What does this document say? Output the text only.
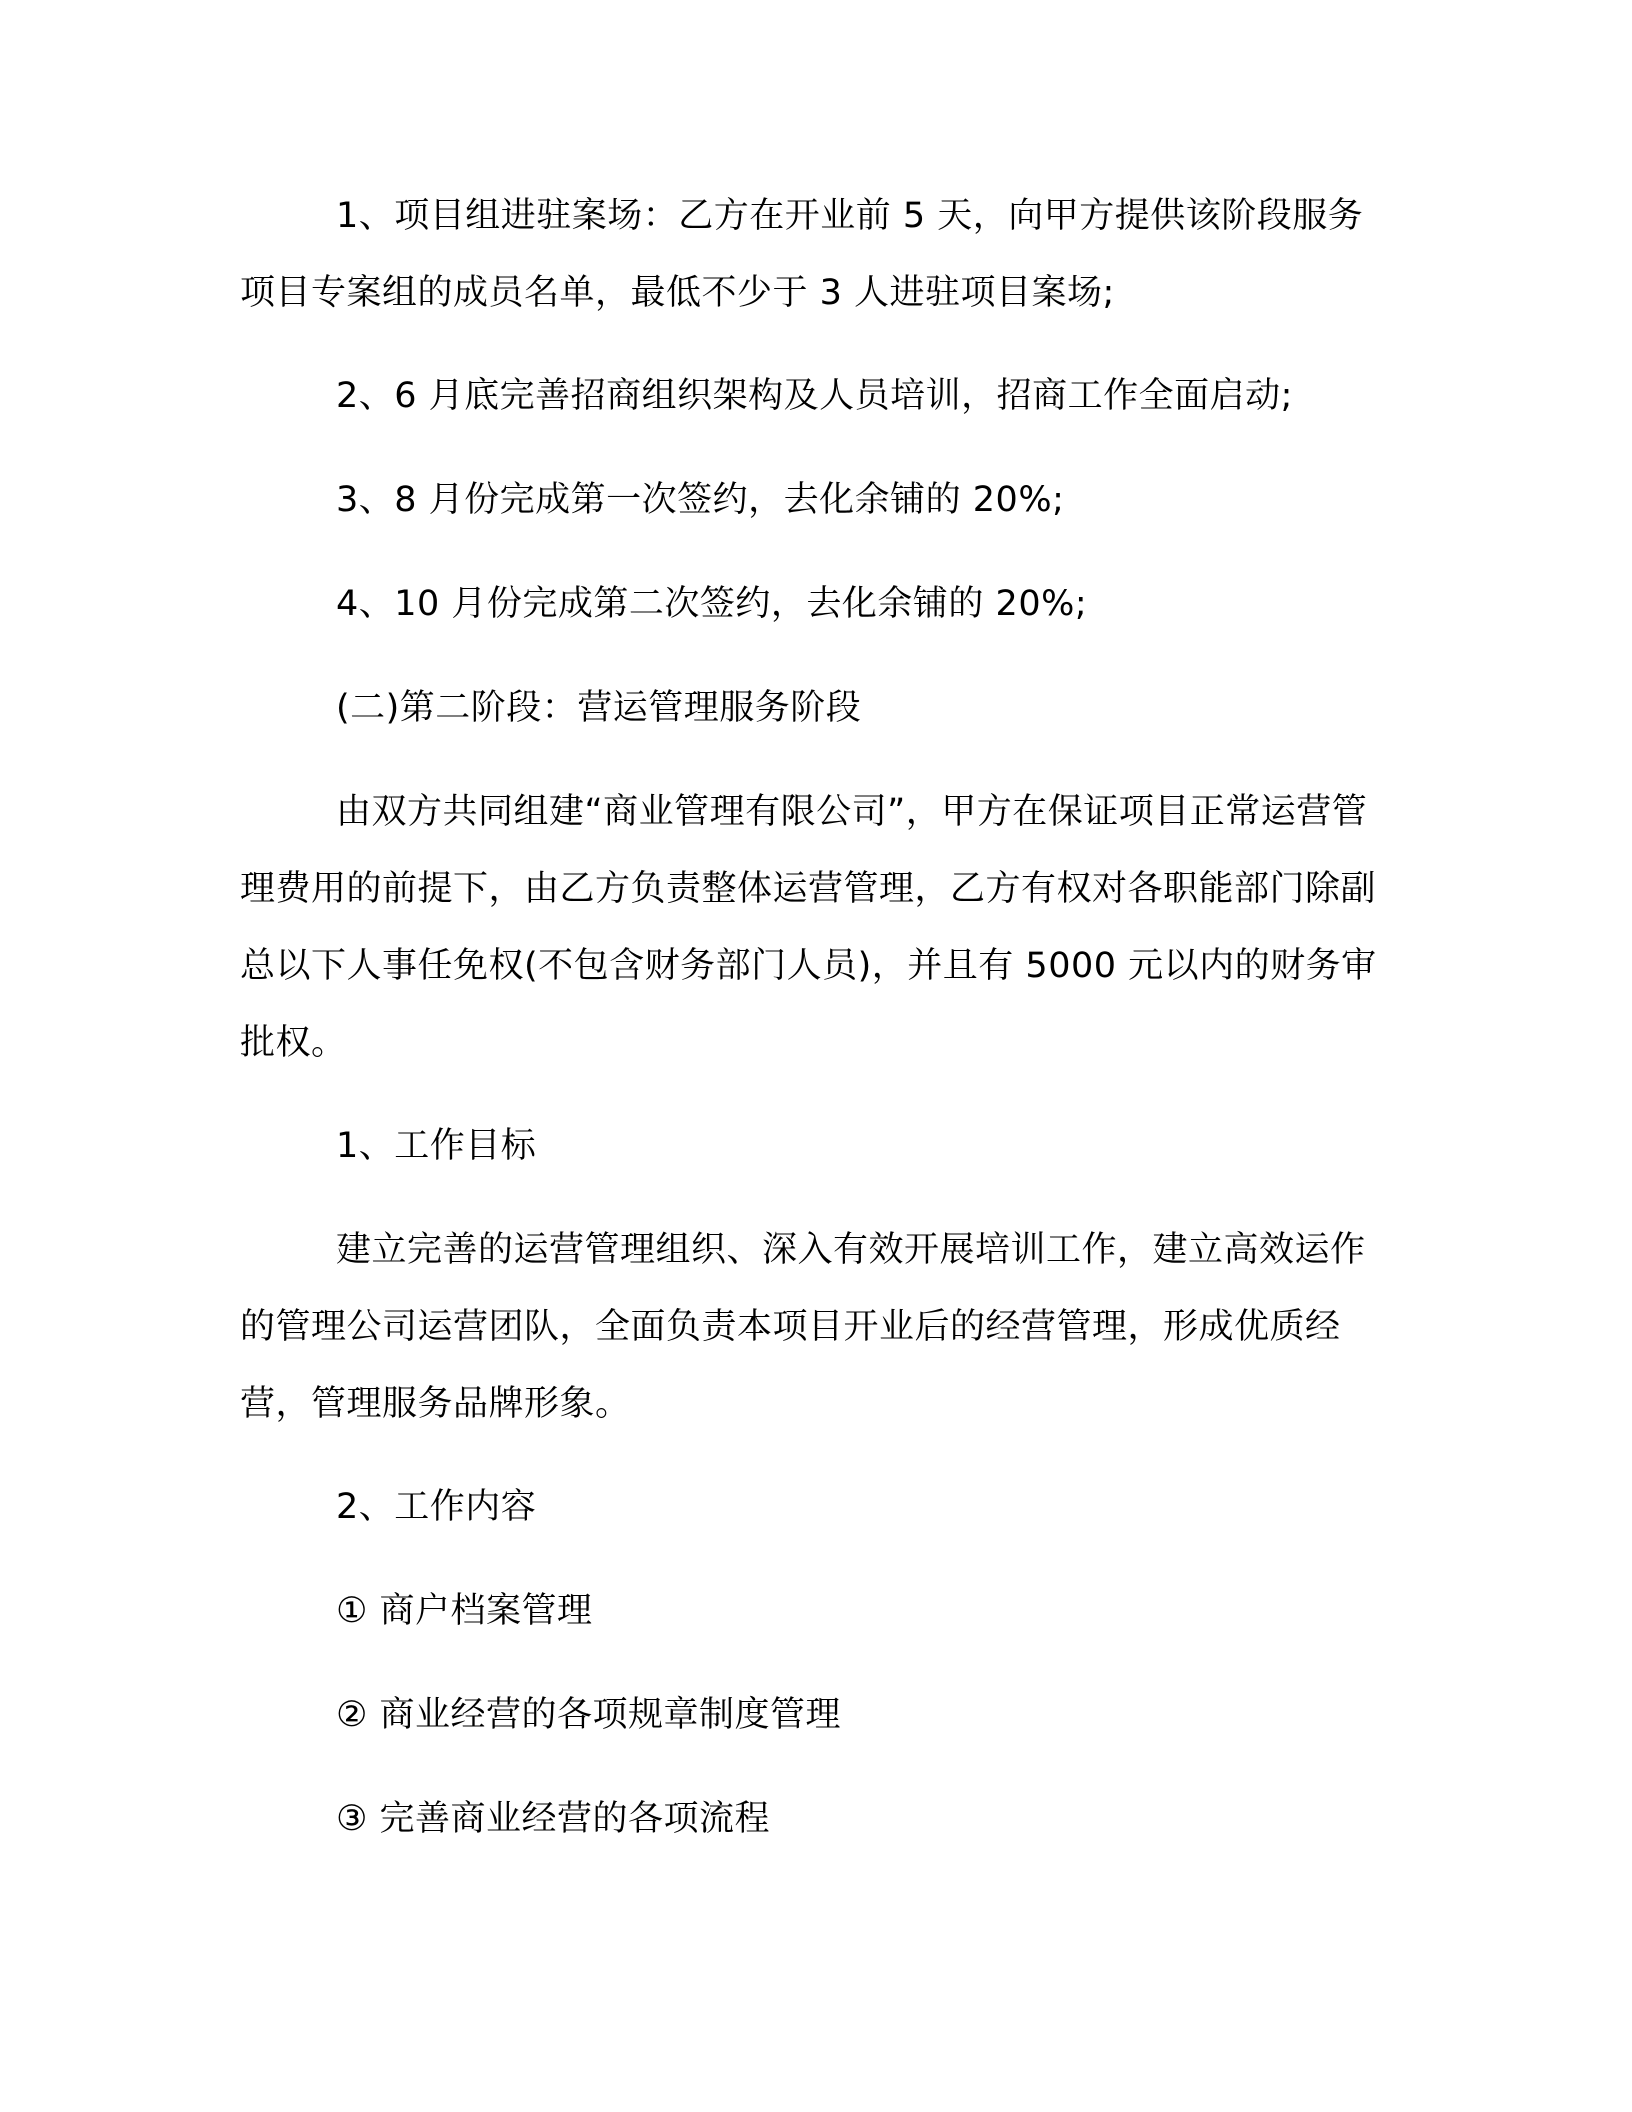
1、项目组进驻案场：乙方在开业前 5 天，向甲方提供该阶段服务项目专案组的成员名单，最低不少于 3 人进驻项目案场;

2、6 月底完善招商组织架构及人员培训，招商工作全面启动;

3、8 月份完成第一次签约，去化余铺的 20%;

4、10 月份完成第二次签约，去化余铺的 20%;

(二)第二阶段：营运管理服务阶段

由双方共同组建“商业管理有限公司”，甲方在保证项目正常运营管理费用的前提下，由乙方负责整体运营管理，乙方有权对各职能部门除副总以下人事任免权(不包含财务部门人员)，并且有 5000 元以内的财务审批权。

1、工作目标

建立完善的运营管理组织、深入有效开展培训工作，建立高效运作的管理公司运营团队，全面负责本项目开业后的经营管理，形成优质经营，管理服务品牌形象。

2、工作内容

① 商户档案管理

② 商业经营的各项规章制度管理

③ 完善商业经营的各项流程
